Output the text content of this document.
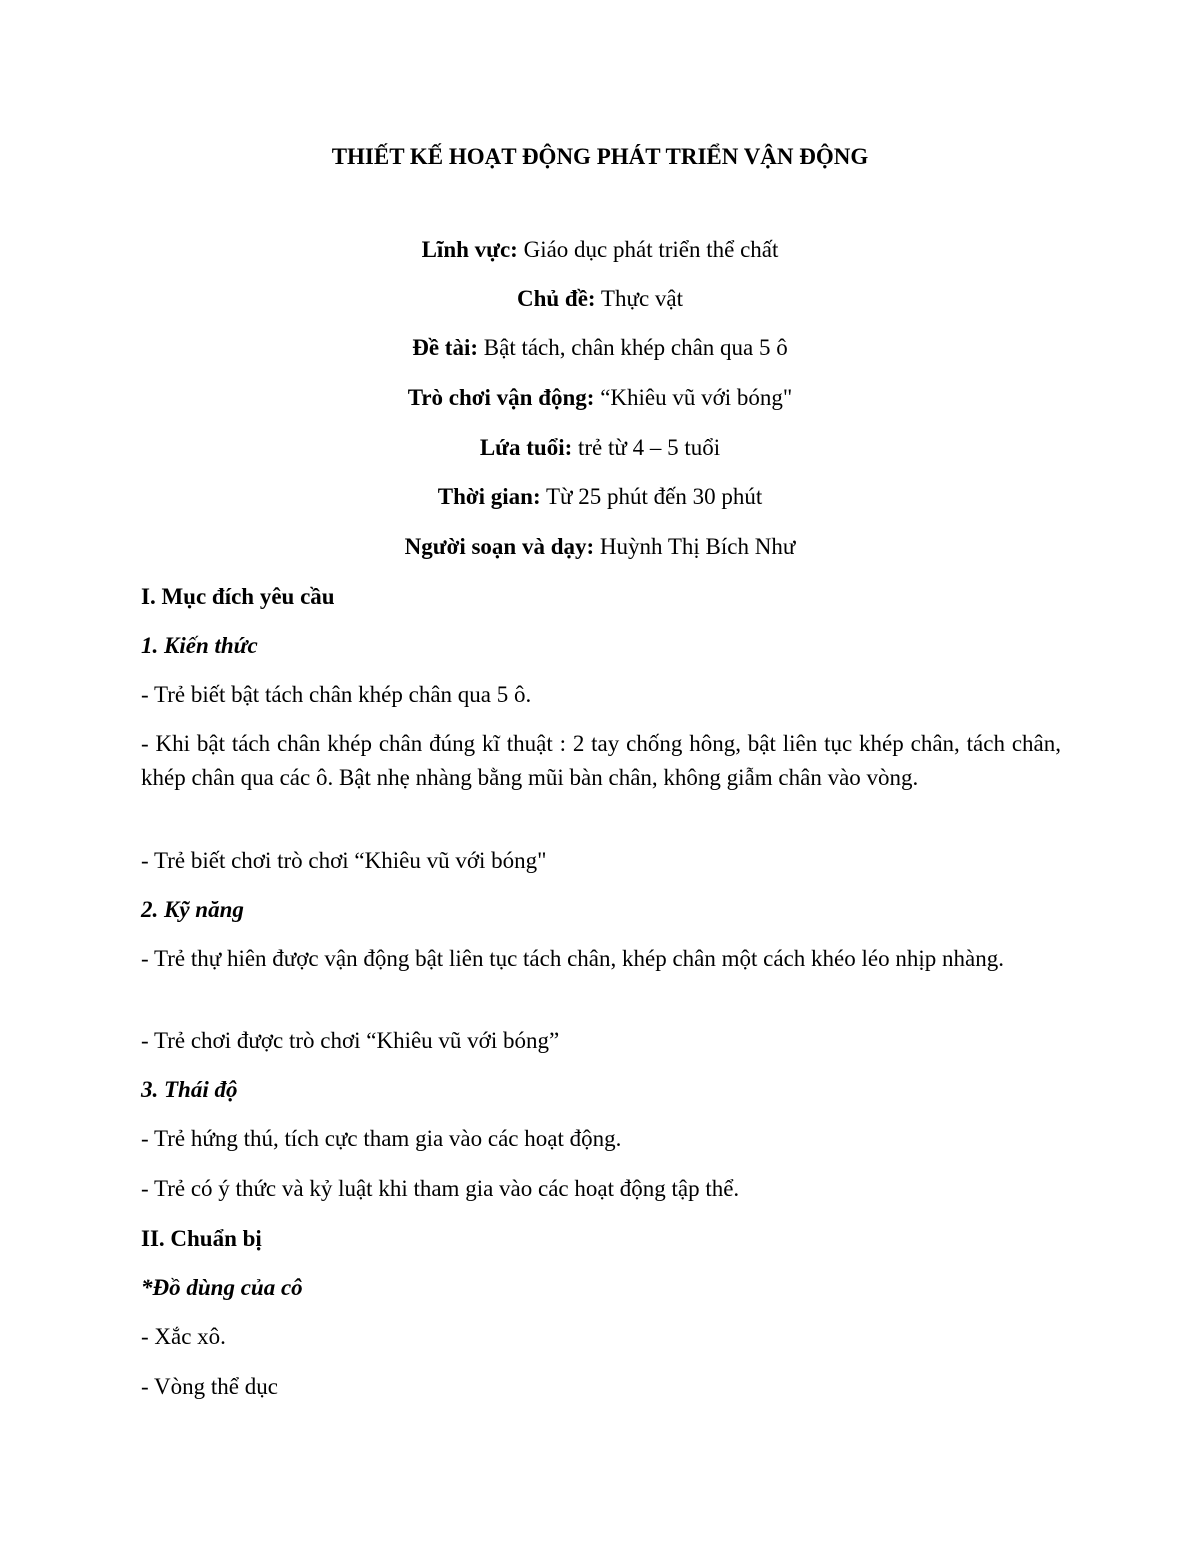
THIẾT KẾ HOẠT ĐỘNG PHÁT TRIỂN VẬN ĐỘNG
Lĩnh vực: Giáo dục phát triển thể chất
Chủ đề: Thực vật
Đề tài: Bật tách, chân khép chân qua 5 ô
Trò chơi vận động: “Khiêu vũ với bóng"
Lứa tuổi: trẻ từ 4 – 5 tuổi
Thời gian: Từ 25 phút đến 30 phút
Người soạn và dạy: Huỳnh Thị Bích Như
I. Mục đích yêu cầu
1. Kiến thức
- Trẻ biết bật tách chân khép chân qua 5 ô.
- Khi bật tách chân khép chân đúng kĩ thuật : 2 tay chống hông, bật liên tục khép chân, tách chân, khép chân qua các ô. Bật nhẹ nhàng bằng mũi bàn chân, không giẫm chân vào vòng.
- Trẻ biết chơi trò chơi “Khiêu vũ với bóng"
2. Kỹ năng
- Trẻ thự hiên được vận động bật liên tục tách chân, khép chân một cách khéo léo nhịp nhàng.
- Trẻ chơi được trò chơi “Khiêu vũ với bóng”
3. Thái độ
- Trẻ hứng thú, tích cực tham gia vào các hoạt động.
- Trẻ có ý thức và kỷ luật khi tham gia vào các hoạt động tập thể.
II. Chuẩn bị
*Đồ dùng của cô
- Xắc xô.
- Vòng thể dục
